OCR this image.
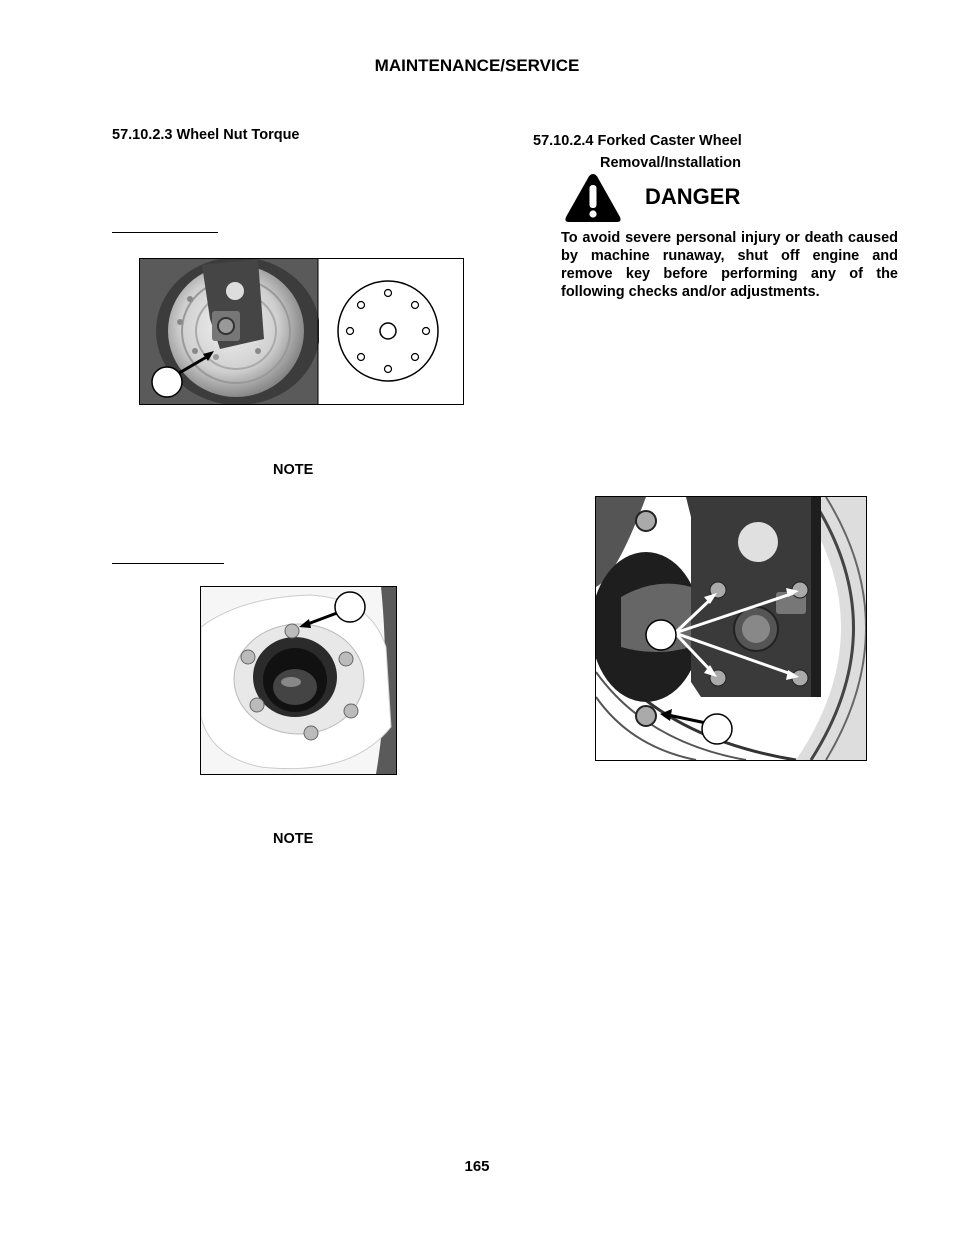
MAINTENANCE/SERVICE
57.10.2.3 Wheel Nut Torque	57.10.2.4 Forked Caster Wheel
Removal/Installation
DANGER
To avoid severe personal injury or death caused by machine runaway, shut off engine and remove key before performing any of the following checks and/or adjustments.
NOTE
NOTE
165
